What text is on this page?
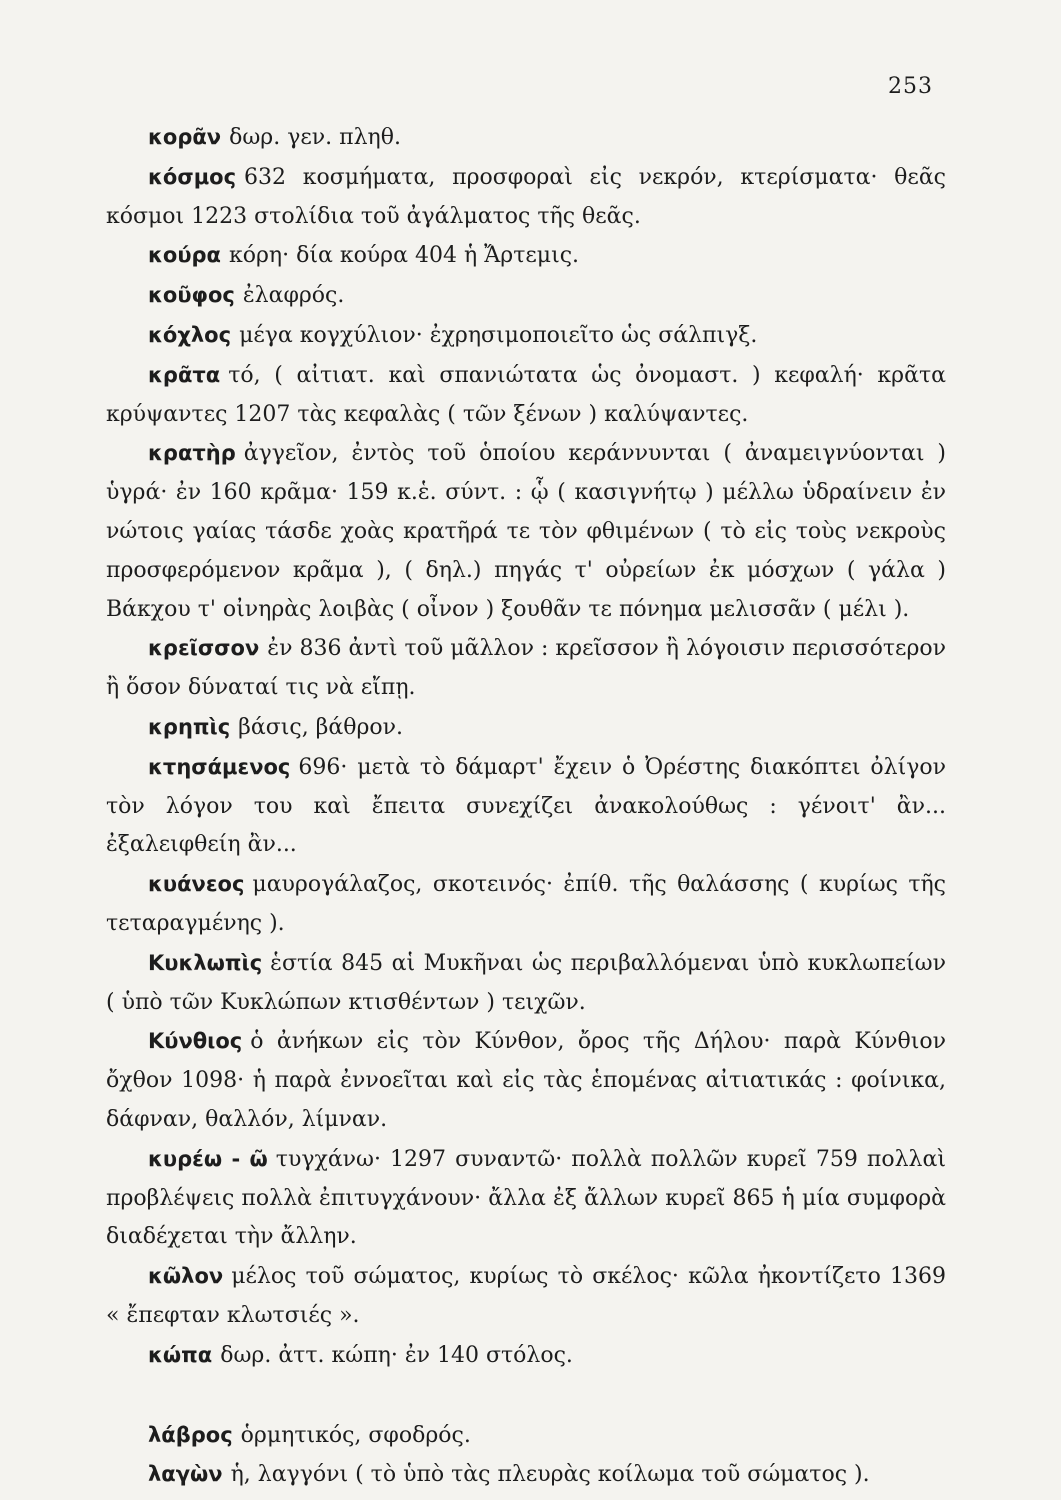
253

κορᾶν δωρ. γεν. πληθ.

κόσμος 632 κοσμήματα, προσφοραὶ εἰς νεκρόν, κτερίσματα· θεᾶς κόσμοι 1223 στολίδια τοῦ ἀγάλματος τῆς θεᾶς.

κούρα κόρη· δία κούρα 404 ἡ Ἄρτεμις.

κοῦφος ἐλαφρός.

κόχλος μέγα κογχύλιον· ἐχρησιμοποιεῖτο ὡς σάλπιγξ.

κρᾶτα τό, ( αἰτιατ. καὶ σπανιώτατα ὡς ὀνομαστ. ) κεφαλή· κρᾶτα κρύψαντες 1207 τὰς κεφαλὰς ( τῶν ξένων ) καλύψαντες.

κρατὴρ ἀγγεῖον, ἐντὸς τοῦ ὁποίου κεράννυνται ( ἀναμειγνύονται ) ὑγρά· ἐν 160 κρᾶμα· 159 κ.ἑ. σύντ. : ᾧ ( κασιγνήτῳ ) μέλλω ὑδραίνειν ἐν νώτοις γαίας τάσδε χοὰς κρατῆρά τε τὸν φθιμένων ( τὸ εἰς τοὺς νεκροὺς προσφερόμενον κρᾶμα ), ( δηλ.) πηγάς τ' οὐρείων ἐκ μόσχων ( γάλα ) Βάκχου τ' οἰνηρὰς λοιβὰς ( οἶνον ) ξουθᾶν τε πόνημα μελισσᾶν ( μέλι ).

κρεῖσσον ἐν 836 ἀντὶ τοῦ μᾶλλον : κρεῖσσον ἢ λόγοισιν περισσότερον ἢ ὅσον δύναταί τις νὰ εἴπῃ.

κρηπὶς βάσις, βάθρον.

κτησάμενος 696· μετὰ τὸ δάμαρτ' ἔχειν ὁ Ὀρέστης διακόπτει ὀλίγον τὸν λόγον του καὶ ἔπειτα συνεχίζει ἀνακολούθως : γένοιτ' ἂν... ἐξαλειφθείη ἂν...

κυάνεος μαυρογάλαζος, σκοτεινός· ἐπίθ. τῆς θαλάσσης ( κυρίως τῆς τεταραγμένης ).

Κυκλωπὶς ἑστία 845 αἱ Μυκῆναι ὡς περιβαλλόμεναι ὑπὸ κυκλωπείων ( ὑπὸ τῶν Κυκλώπων κτισθέντων ) τειχῶν.

Κύνθιος ὁ ἀνήκων εἰς τὸν Κύνθον, ὄρος τῆς Δήλου· παρὰ Κύνθιον ὄχθον 1098· ἡ παρὰ ἐννοεῖται καὶ εἰς τὰς ἑπομένας αἰτιατικάς : φοίνικα, δάφναν, θαλλόν, λίμναν.

κυρέω - ῶ τυγχάνω· 1297 συναντῶ· πολλὰ πολλῶν κυρεῖ 759 πολλαὶ προβλέψεις πολλὰ ἐπιτυγχάνουν· ἄλλα ἐξ ἄλλων κυρεῖ 865 ἡ μία συμφορὰ διαδέχεται τὴν ἄλλην.

κῶλον μέλος τοῦ σώματος, κυρίως τὸ σκέλος· κῶλα ἠκοντίζετο 1369 « ἔπεφταν κλωτσιές ».

κώπα δωρ. ἀττ. κώπη· ἐν 140 στόλος.

λάβρος ὁρμητικός, σφοδρός.

λαγὼν ἡ, λαγγόνι ( τὸ ὑπὸ τὰς πλευρὰς κοίλωμα τοῦ σώματος ).
